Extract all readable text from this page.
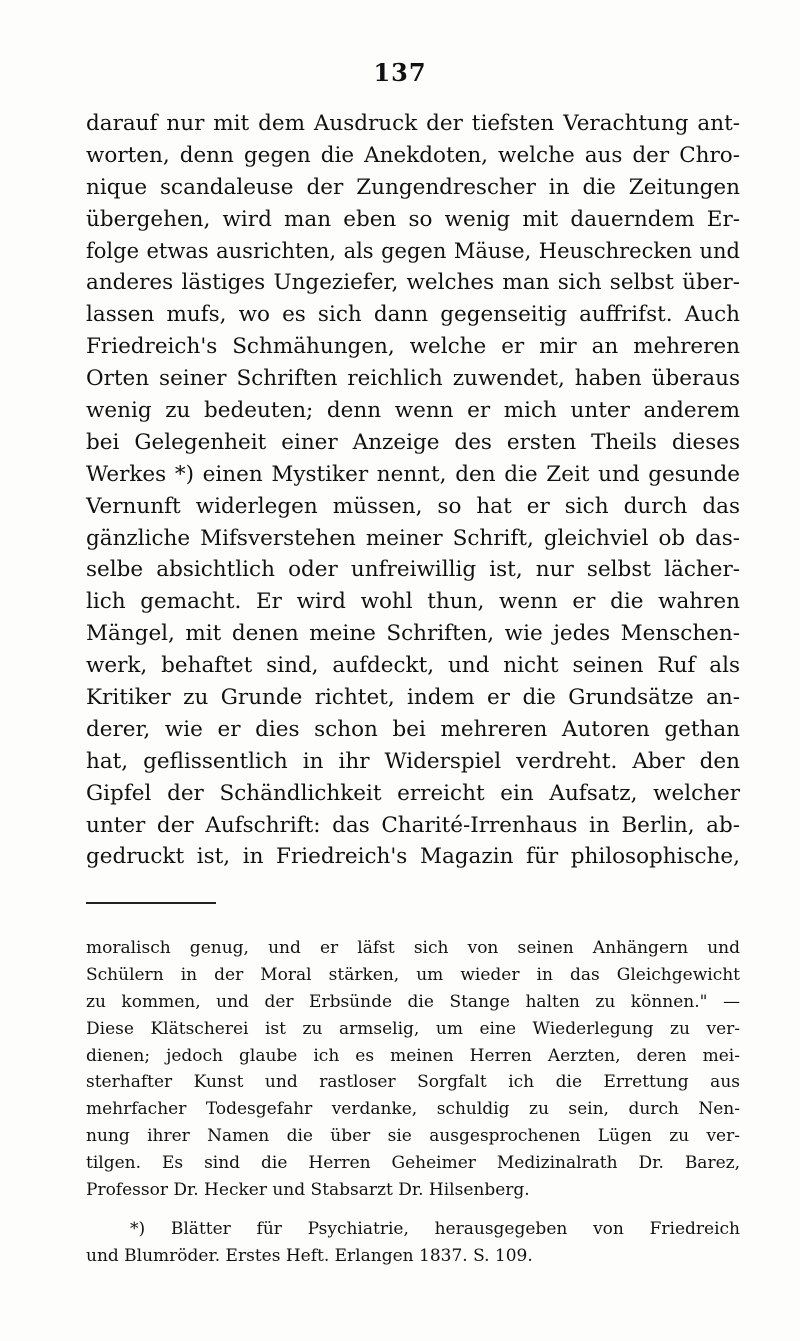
137
darauf nur mit dem Ausdruck der tiefsten Verachtung ant-
worten, denn gegen die Anekdoten, welche aus der Chro-
nique scandaleuse der Zungendrescher in die Zeitungen
übergehen, wird man eben so wenig mit dauerndem Er-
folge etwas ausrichten, als gegen Mäuse, Heuschrecken und
anderes lästiges Ungeziefer, welches man sich selbst über-
lassen mufs, wo es sich dann gegenseitig auffrifst. Auch
Friedreich's Schmähungen, welche er mir an mehreren
Orten seiner Schriften reichlich zuwendet, haben überaus
wenig zu bedeuten; denn wenn er mich unter anderem
bei Gelegenheit einer Anzeige des ersten Theils dieses
Werkes *) einen Mystiker nennt, den die Zeit und gesunde
Vernunft widerlegen müssen, so hat er sich durch das
gänzliche Mifsverstehen meiner Schrift, gleichviel ob das-
selbe absichtlich oder unfreiwillig ist, nur selbst lächer-
lich gemacht. Er wird wohl thun, wenn er die wahren
Mängel, mit denen meine Schriften, wie jedes Menschen-
werk, behaftet sind, aufdeckt, und nicht seinen Ruf als
Kritiker zu Grunde richtet, indem er die Grundsätze an-
derer, wie er dies schon bei mehreren Autoren gethan
hat, geflissentlich in ihr Widerspiel verdreht. Aber den
Gipfel der Schändlichkeit erreicht ein Aufsatz, welcher
unter der Aufschrift: das Charité-Irrenhaus in Berlin, ab-
gedruckt ist, in Friedreich's Magazin für philosophische,
moralisch genug, und er läfst sich von seinen Anhängern und
Schülern in der Moral stärken, um wieder in das Gleichgewicht
zu kommen, und der Erbsünde die Stange halten zu können." —
Diese Klätscherei ist zu armselig, um eine Wiederlegung zu ver-
dienen; jedoch glaube ich es meinen Herren Aerzten, deren mei-
sterhafter Kunst und rastloser Sorgfalt ich die Errettung aus
mehrfacher Todesgefahr verdanke, schuldig zu sein, durch Nen-
nung ihrer Namen die über sie ausgesprochenen Lügen zu ver-
tilgen. Es sind die Herren Geheimer Medizinalrath Dr. Barez,
Professor Dr. Hecker und Stabsarzt Dr. Hilsenberg.
*) Blätter für Psychiatrie, herausgegeben von Friedreich
und Blumröder. Erstes Heft. Erlangen 1837. S. 109.
